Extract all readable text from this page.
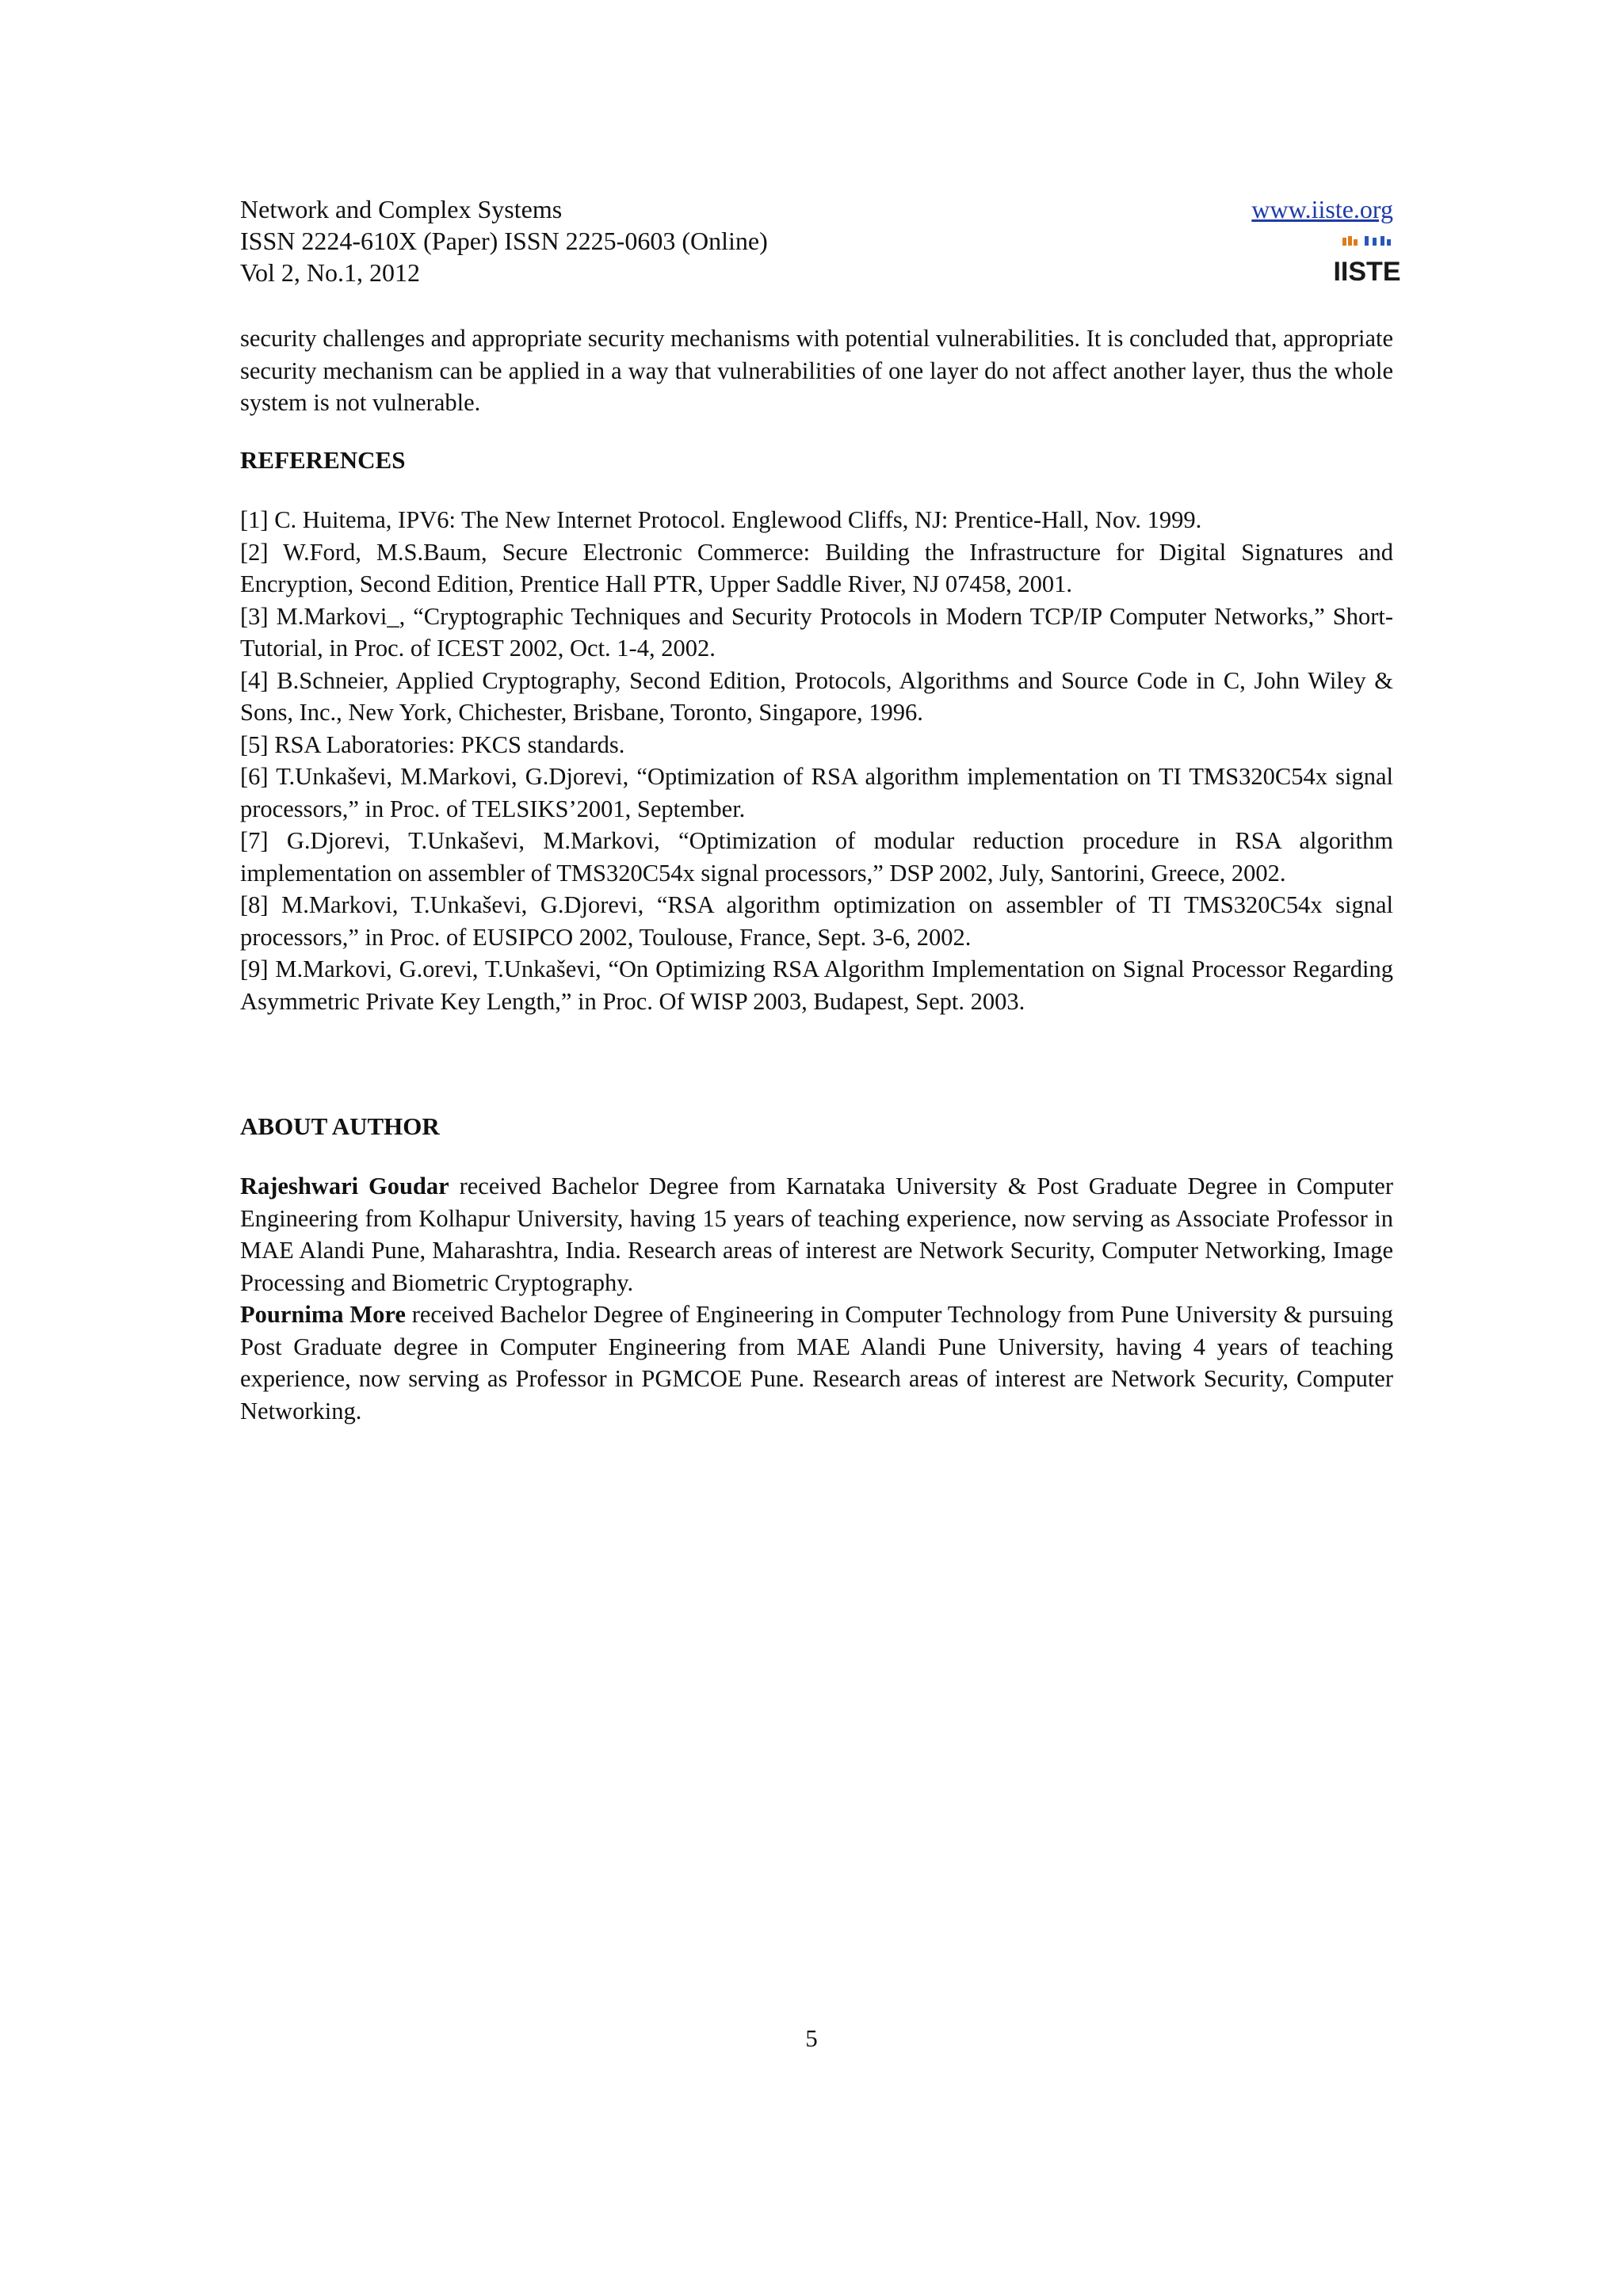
Network and Complex Systems
ISSN 2224-610X (Paper) ISSN 2225-0603 (Online)
Vol 2, No.1, 2012
www.iiste.org
IISTE

security challenges and appropriate security mechanisms with potential vulnerabilities. It is concluded that, appropriate security mechanism can be applied in a way that vulnerabilities of one layer do not affect another layer, thus the whole system is not vulnerable.

REFERENCES

[1] C. Huitema, IPV6: The New Internet Protocol. Englewood Cliffs, NJ: Prentice-Hall, Nov. 1999.

[2] W.Ford, M.S.Baum, Secure Electronic Commerce: Building the Infrastructure for Digital Signatures and Encryption, Second Edition, Prentice Hall PTR, Upper Saddle River, NJ 07458, 2001.

[3] M.Markovi_, “Cryptographic Techniques and Security Protocols in Modern TCP/IP Computer Networks,” Short- Tutorial, in Proc. of ICEST 2002, Oct. 1-4, 2002.

[4] B.Schneier, Applied Cryptography, Second Edition, Protocols, Algorithms and Source Code in C, John Wiley & Sons, Inc., New York, Chichester, Brisbane, Toronto, Singapore, 1996.

[5] RSA Laboratories: PKCS standards.

[6] T.Unkaševi, M.Markovi, G.Djorevi, “Optimization of RSA algorithm implementation on TI TMS320C54x signal processors,” in Proc. of TELSIKS’2001, September.

[7] G.Djorevi, T.Unkaševi, M.Markovi, “Optimization of modular reduction procedure in RSA algorithm implementation on assembler of TMS320C54x signal processors,” DSP 2002, July, Santorini, Greece, 2002.

[8] M.Markovi, T.Unkaševi, G.Djorevi, “RSA algorithm optimization on assembler of TI TMS320C54x signal processors,” in Proc. of EUSIPCO 2002, Toulouse, France, Sept. 3-6, 2002.

[9] M.Markovi, G.orevi, T.Unkaševi, “On Optimizing RSA Algorithm Implementation on Signal Processor Regarding Asymmetric Private Key Length,” in Proc. Of WISP 2003, Budapest, Sept. 2003.

ABOUT AUTHOR

Rajeshwari Goudar received Bachelor Degree from Karnataka University & Post Graduate Degree in Computer Engineering from Kolhapur University, having 15 years of teaching experience, now serving as Associate Professor in MAE Alandi Pune, Maharashtra, India. Research areas of interest are Network Security, Computer Networking, Image Processing and Biometric Cryptography.

Pournima More received Bachelor Degree of Engineering in Computer Technology from Pune University & pursuing Post Graduate degree in Computer Engineering from MAE Alandi Pune University, having 4 years of teaching experience, now serving as Professor in PGMCOE Pune. Research areas of interest are Network Security, Computer Networking.

5
